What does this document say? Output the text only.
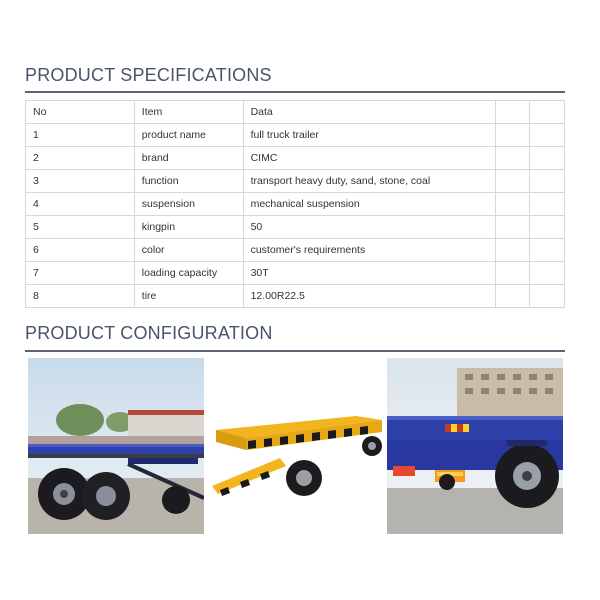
PRODUCT SPECIFICATIONS
No	Item	Data		
1	product name	full truck trailer		
2	brand	CIMC		
3	function	transport heavy duty, sand, stone, coal		
4	suspension	mechanical suspension		
5	kingpin	50		
6	color	customer's requirements		
7	loading capacity	30T		
8	tire	12.00R22.5		
PRODUCT CONFIGURATION
